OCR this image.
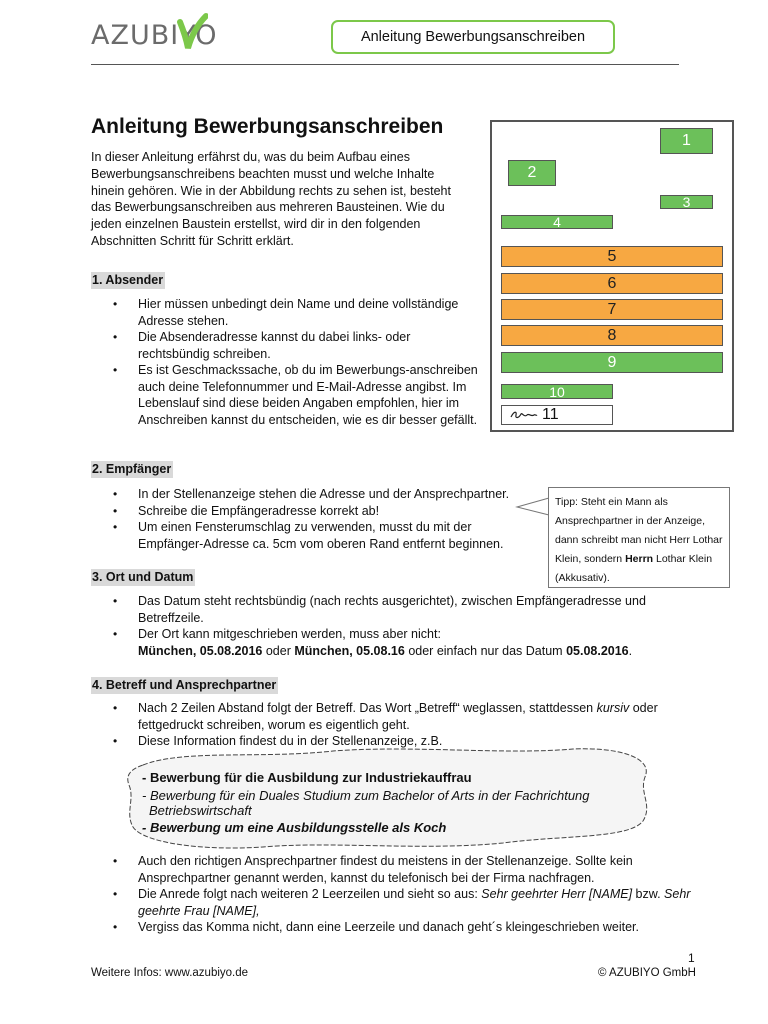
AZUBIYO	Anleitung Bewerbungsanschreiben
Anleitung Bewerbungsanschreiben
In dieser Anleitung erfährst du, was du beim Aufbau eines Bewerbungsanschreibens beachten musst und welche Inhalte hinein gehören. Wie in der Abbildung rechts zu sehen ist, besteht das Bewerbungsanschreiben aus mehreren Bausteinen. Wie du jeden einzelnen Baustein erstellst, wird dir in den folgenden Abschnitten Schritt für Schritt erklärt.
1
2
3
4
5
6
7
8
9
10
11
1. Absender
• Hier müssen unbedingt dein Name und deine vollständige Adresse stehen.
• Die Absenderadresse kannst du dabei links- oder rechtsbündig schreiben.
• Es ist Geschmackssache, ob du im Bewerbungs-anschreiben auch deine Telefonnummer und E-Mail-Adresse angibst. Im Lebenslauf sind diese beiden Angaben empfohlen, hier im Anschreiben kannst du entscheiden, wie es dir besser gefällt.
2. Empfänger
• In der Stellenanzeige stehen die Adresse und der Ansprechpartner.
• Schreibe die Empfängeradresse korrekt ab!
• Um einen Fensterumschlag zu verwenden, musst du mit der Empfänger-Adresse ca. 5cm vom oberen Rand entfernt beginnen.
Tipp: Steht ein Mann als Ansprechpartner in der Anzeige, dann schreibt man nicht Herr Lothar Klein, sondern Herrn Lothar Klein (Akkusativ).
3. Ort und Datum
• Das Datum steht rechtsbündig (nach rechts ausgerichtet), zwischen Empfängeradresse und Betreffzeile.
• Der Ort kann mitgeschrieben werden, muss aber nicht:
München, 05.08.2016 oder München, 05.08.16 oder einfach nur das Datum 05.08.2016.
4. Betreff und Ansprechpartner
• Nach 2 Zeilen Abstand folgt der Betreff. Das Wort „Betreff“ weglassen, stattdessen kursiv oder fettgedruckt schreiben, worum es eigentlich geht.
• Diese Information findest du in der Stellenanzeige, z.B.
- Bewerbung für die Ausbildung zur Industriekauffrau
- Bewerbung für ein Duales Studium zum Bachelor of Arts in der Fachrichtung
Betriebswirtschaft
- Bewerbung um eine Ausbildungsstelle als Koch
• Auch den richtigen Ansprechpartner findest du meistens in der Stellenanzeige. Sollte kein Ansprechpartner genannt werden, kannst du telefonisch bei der Firma nachfragen.
• Die Anrede folgt nach weiteren 2 Leerzeilen und sieht so aus: Sehr geehrter Herr [NAME] bzw. Sehr geehrte Frau [NAME],
• Vergiss das Komma nicht, dann eine Leerzeile und danach geht´s kleingeschrieben weiter.
1
Weitere Infos: www.azubiyo.de	© AZUBIYO GmbH
